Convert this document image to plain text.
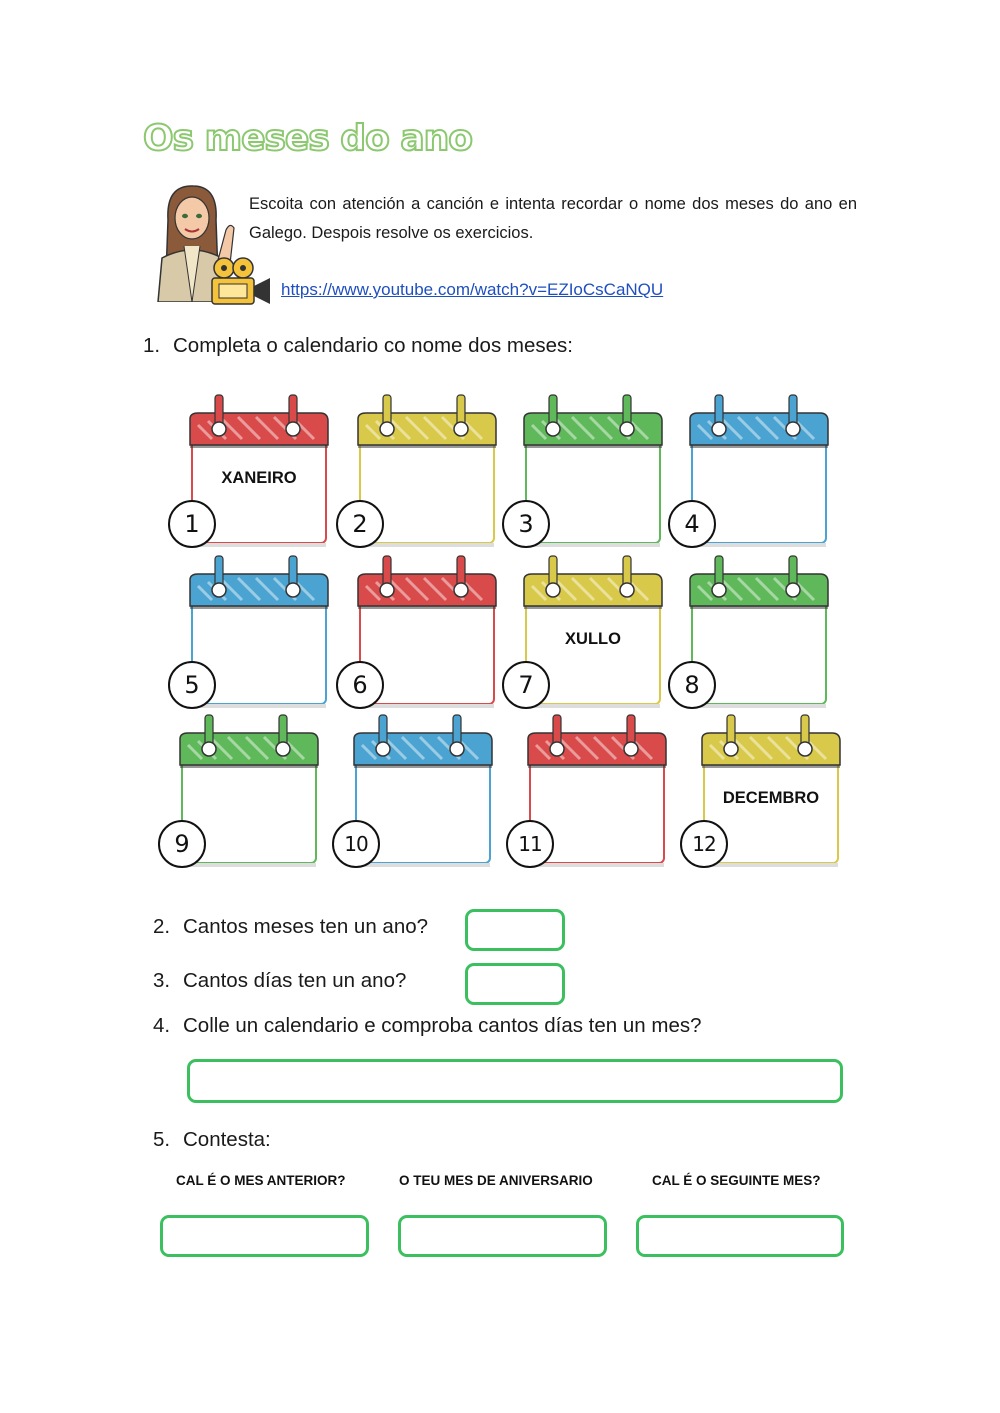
Os meses do ano
Escoita con atención a canción e intenta recordar o nome dos meses do ano en Galego. Despois resolve os exercicios.
https://www.youtube.com/watch?v=EZIoCsCaNQU
1. Completa o calendario co nome dos meses:
1
XANEIRO
2	3	4
5	6	7
XULLO
8
9	10	11	12
DECEMBRO
2. Cantos meses ten un ano?
3. Cantos días ten un ano?
4. Colle un calendario e comproba cantos días ten un mes?
5. Contesta:
CAL É O MES ANTERIOR?	O TEU MES DE ANIVERSARIO	CAL É O SEGUINTE MES?
